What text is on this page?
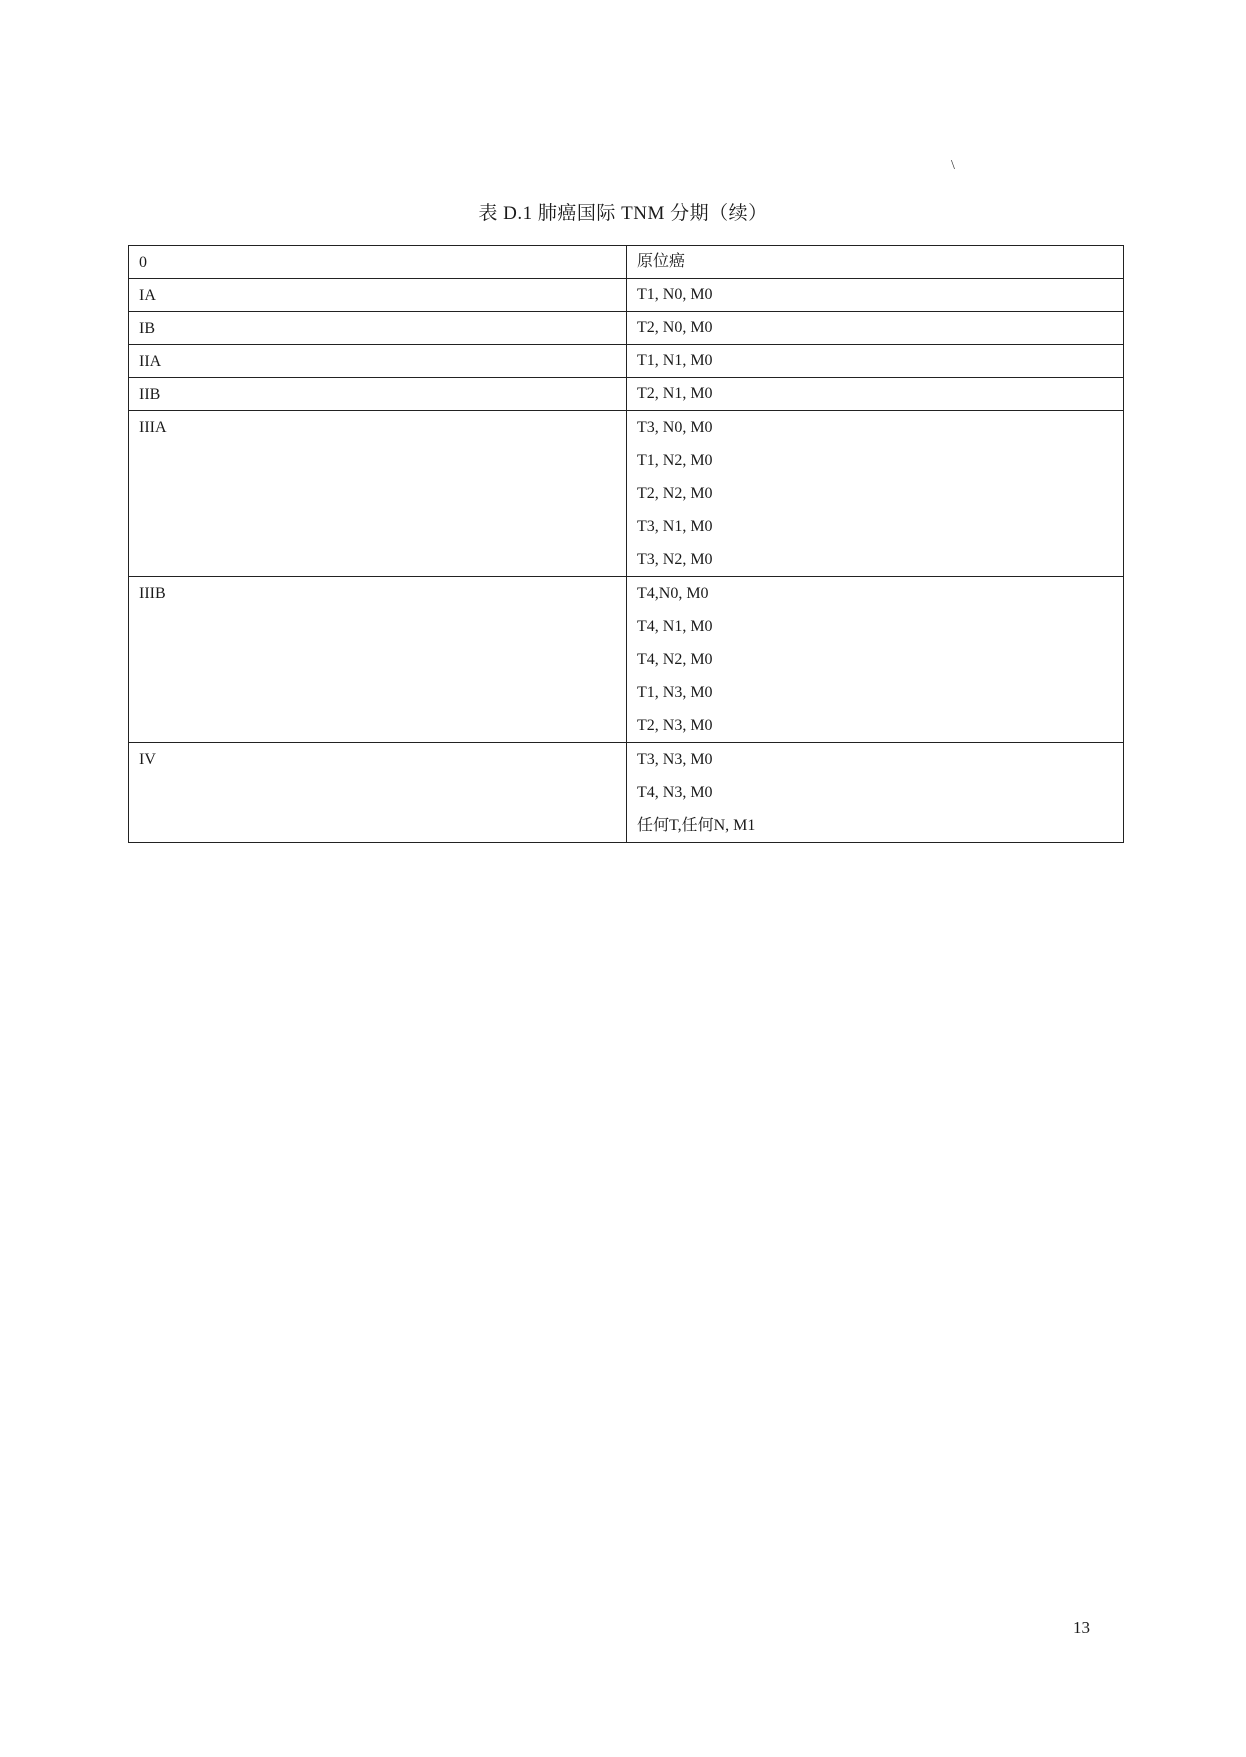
\
表 D.1 肺癌国际 TNM 分期（续）
0	原位癌

IA	T1, N0, M0

IB	T2, N0, M0

IIA	T1, N1, M0

IIB	T2, N1, M0

IIIA	T3, N0, M0
T1, N2, M0
T2, N2, M0
T3, N1, M0
T3, N2, M0

IIIB	T4,N0, M0
T4, N1, M0
T4, N2, M0
T1, N3, M0
T2, N3, M0

IV	T3, N3, M0
T4, N3, M0
任何T,任何N, M1
13
